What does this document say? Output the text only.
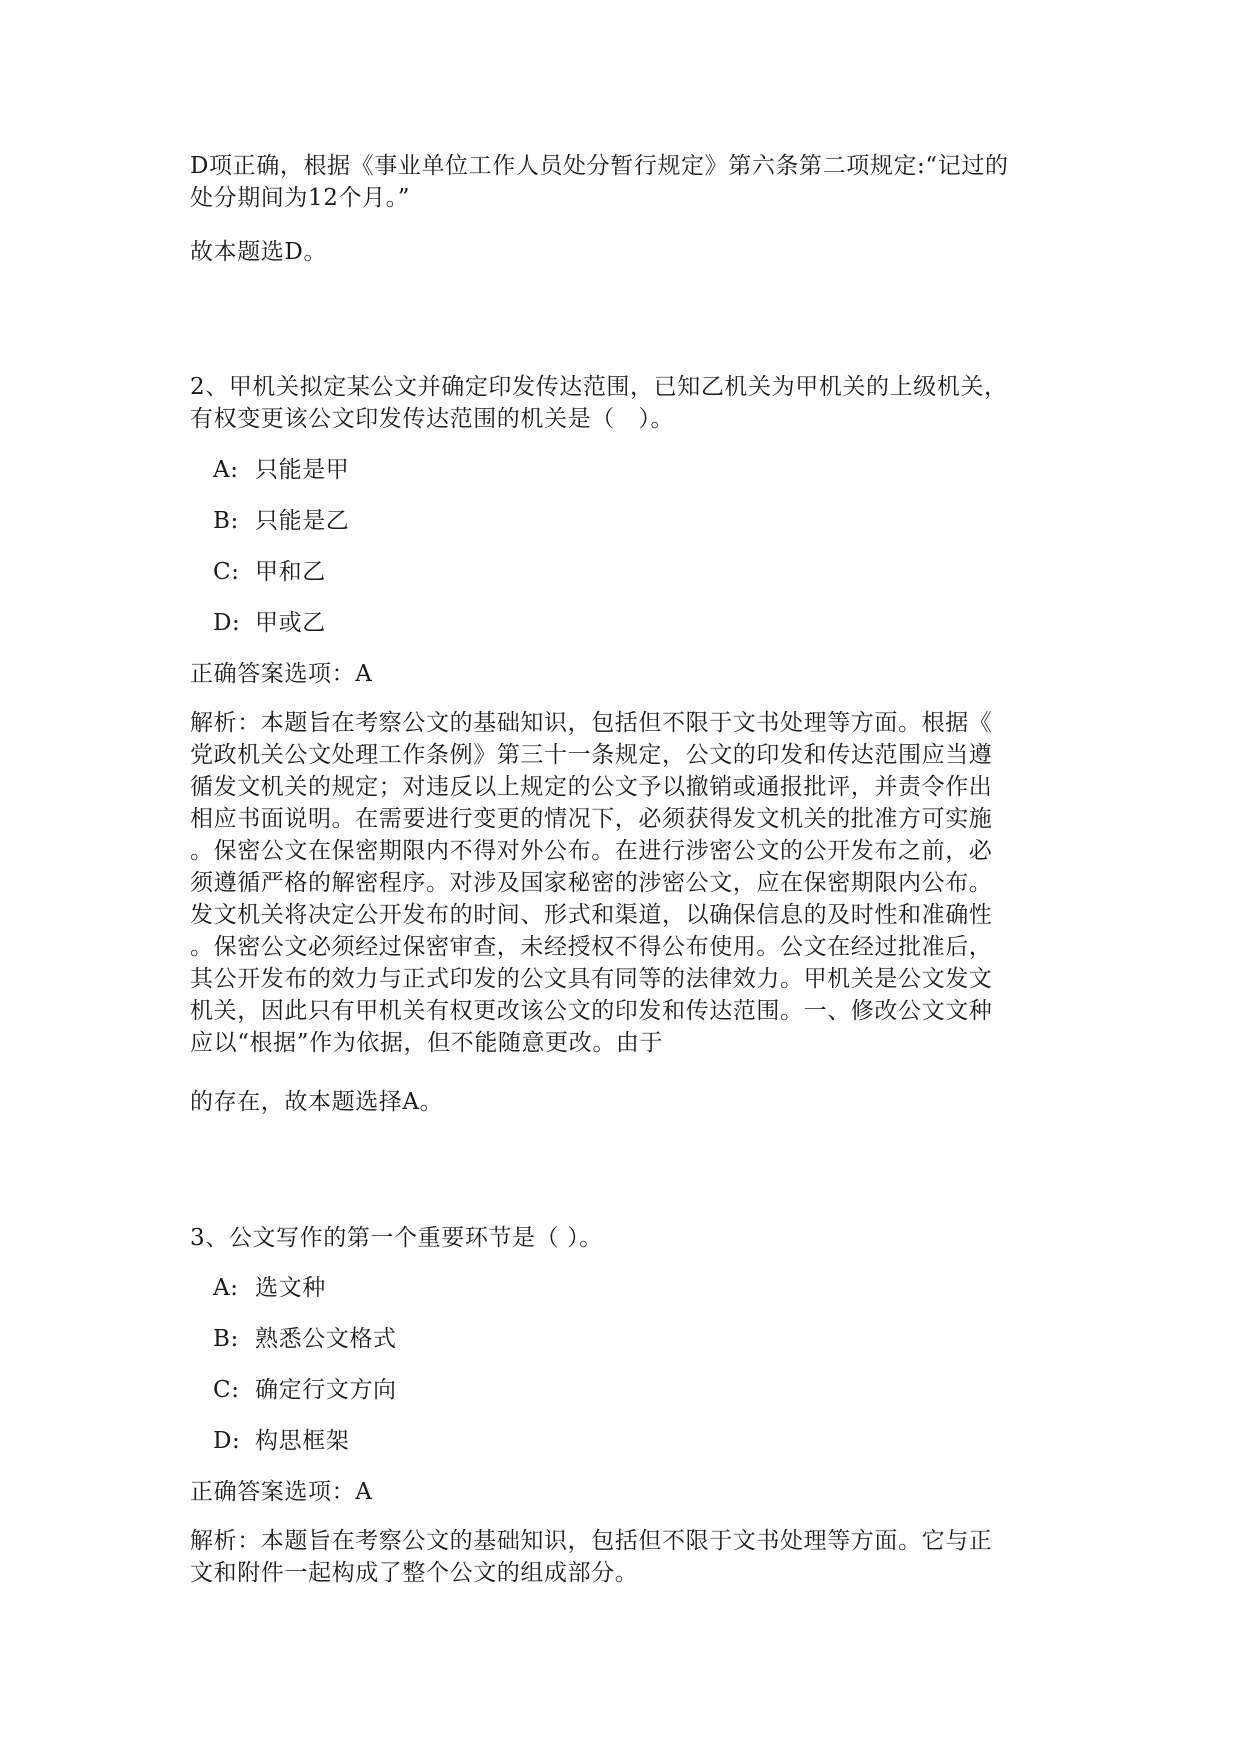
D项正确，根据《事业单位工作人员处分暂行规定》第六条第二项规定:“记过的
处分期间为12个月。”

故本题选D。

2、甲机关拟定某公文并确定印发传达范围，已知乙机关为甲机关的上级机关，
有权变更该公文印发传达范围的机关是（　）。

A: 只能是甲

B: 只能是乙

C: 甲和乙

D: 甲或乙

正确答案选项：A

解析：本题旨在考察公文的基础知识，包括但不限于文书处理等方面。根据《
党政机关公文处理工作条例》第三十一条规定，公文的印发和传达范围应当遵
循发文机关的规定；对违反以上规定的公文予以撤销或通报批评，并责令作出
相应书面说明。在需要进行变更的情况下，必须获得发文机关的批准方可实施
。保密公文在保密期限内不得对外公布。在进行涉密公文的公开发布之前，必
须遵循严格的解密程序。对涉及国家秘密的涉密公文，应在保密期限内公布。
发文机关将决定公开发布的时间、形式和渠道，以确保信息的及时性和准确性
。保密公文必须经过保密审查，未经授权不得公布使用。公文在经过批准后，
其公开发布的效力与正式印发的公文具有同等的法律效力。甲机关是公文发文
机关，因此只有甲机关有权更改该公文的印发和传达范围。一、修改公文文种
应以“根据”作为依据，但不能随意更改。由于

的存在，故本题选择A。

3、公文写作的第一个重要环节是（ ）。

A: 选文种

B: 熟悉公文格式

C: 确定行文方向

D: 构思框架

正确答案选项：A

解析：本题旨在考察公文的基础知识，包括但不限于文书处理等方面。它与正
文和附件一起构成了整个公文的组成部分。
